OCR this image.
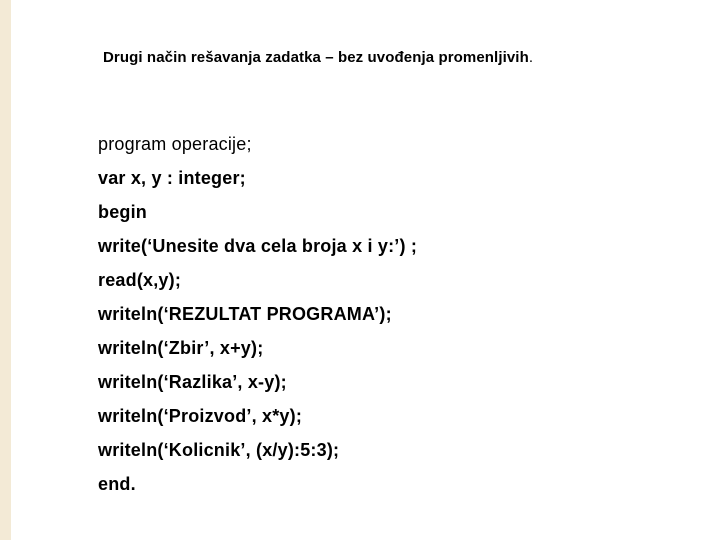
Drugi način rešavanja zadatka – bez uvođenja promenljivih.
program operacije;
var x, y : integer;
begin
write(‘Unesite dva cela broja x i y:’) ;
read(x,y);
writeln(‘REZULTAT PROGRAMA’);
writeln(‘Zbir’, x+y);
writeln(‘Razlika’, x-y);
writeln(‘Proizvod’, x*y);
writeln(‘Kolicnik’, (x/y):5:3);
end.
